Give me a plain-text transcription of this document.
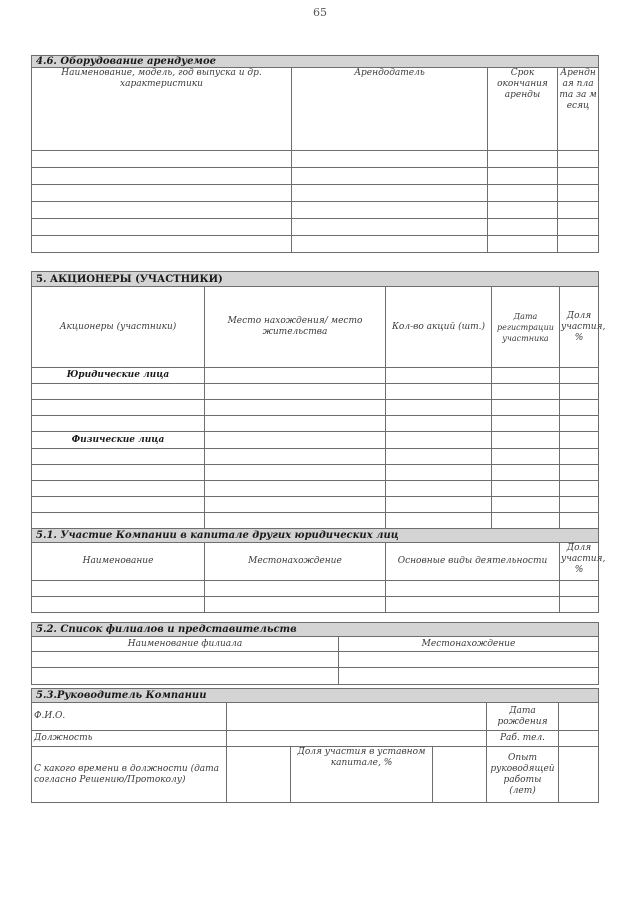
65
4.6. Оборудование арендуемое			
Наименование, модель, год выпуска и др. характеристики	Арендодатель	Срок окончания аренды	Арендная плата за месяц

5. АКЦИОНЕРЫ (УЧАСТНИКИ)				
Акционеры (участники)	Место нахождения/ место жительства	Кол-во акций (шт.)	Дата регистрации участника	Доля участия, %
Юридические лица				

Физические лица				

5.1. Участие Компании в капитале других юридических лиц				
Наименование	Местонахождение	Основные виды деятельности		Доля участия, %

5.2. Список филиалов и представительств	
Наименование филиала	Местонахождение

5.3.Руководитель Компании					
Ф.И.О.				Дата рождения	
Должность				Раб. тел.	
С какого времени в должности (дата согласно Решению/Протоколу)		Доля участия в уставном капитале, %		Опыт руководящей работы (лет)	
